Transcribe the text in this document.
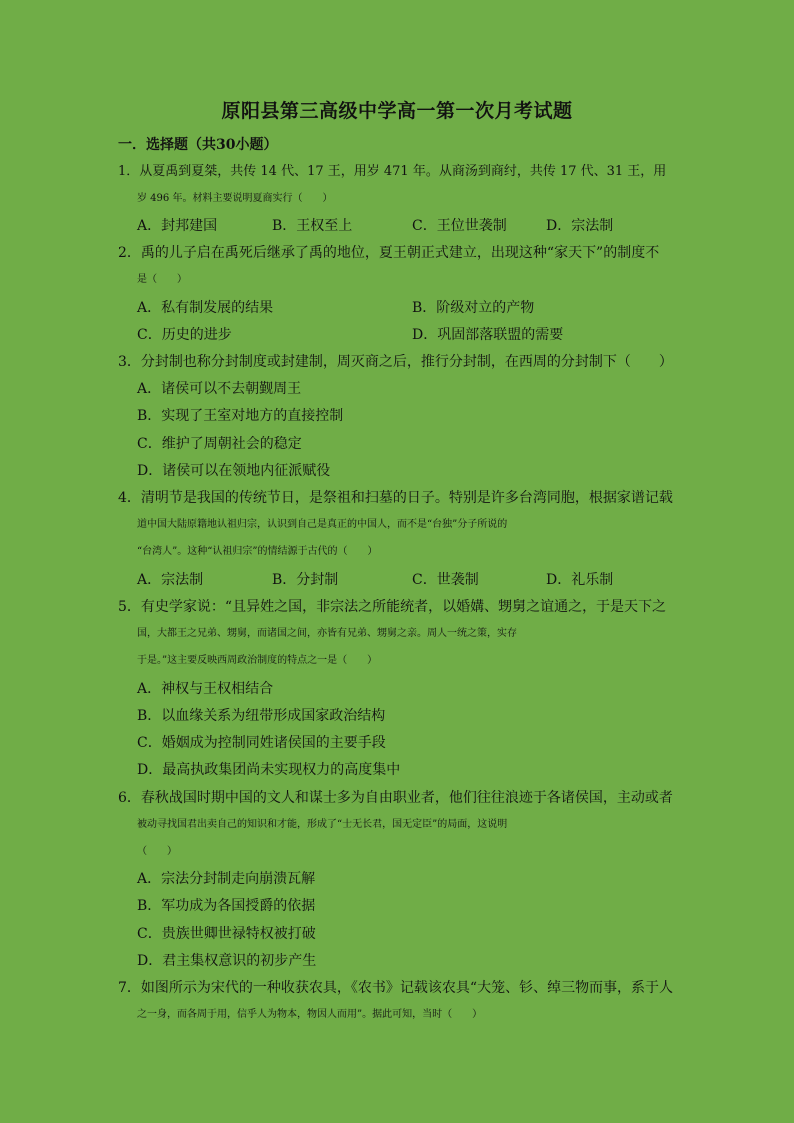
原阳县第三高级中学高一第一次月考试题
一．选择题（共30小题）
1．从夏禹到夏桀，共传 14 代、17 王，用岁 471 年。从商汤到商纣，共传 17 代、31 王，用
岁 496 年。材料主要说明夏商实行（　　）
A．封邦建国	B．王权至上	C．王位世袭制	D．宗法制
2．禹的儿子启在禹死后继承了禹的地位，夏王朝正式建立，出现这种“家天下”的制度不
是（　　）
A．私有制发展的结果	B．阶级对立的产物
C．历史的进步	D．巩固部落联盟的需要
3．分封制也称分封制度或封建制，周灭商之后，推行分封制，在西周的分封制下（　　）
A．诸侯可以不去朝觐周王
B．实现了王室对地方的直接控制
C．维护了周朝社会的稳定
D．诸侯可以在领地内征派赋役
4．清明节是我国的传统节日，是祭祖和扫墓的日子。特别是许多台湾同胞，根据家谱记载
道中国大陆原籍地认祖归宗，认识到自己是真正的中国人，而不是“台独”分子所说的
“台湾人”。这种“认祖归宗”的情结源于古代的（　　）
A．宗法制	B．分封制	C．世袭制	D．礼乐制
5．有史学家说：“且异姓之国，非宗法之所能统者，以婚媾、甥舅之谊通之，于是天下之
国，大都王之兄弟、甥舅，而诸国之间，亦皆有兄弟、甥舅之亲。周人一统之策，实存
于是。”这主要反映西周政治制度的特点之一是（　　）
A．神权与王权相结合
B．以血缘关系为纽带形成国家政治结构
C．婚姻成为控制同姓诸侯国的主要手段
D．最高执政集团尚未实现权力的高度集中
6．春秋战国时期中国的文人和谋士多为自由职业者，他们往往浪迹于各诸侯国，主动或者
被动寻找国君出卖自己的知识和才能，形成了“士无长君，国无定臣”的局面，这说明
（　　）
A．宗法分封制走向崩溃瓦解
B．军功成为各国授爵的依据
C．贵族世卿世禄特权被打破
D．君主集权意识的初步产生
7．如图所示为宋代的一种收获农具，《农书》记载该农具“大笼、钐、绰三物而事，系于人
之一身，而各周于用，信乎人为物本，物因人而用”。据此可知，当时（　　）
